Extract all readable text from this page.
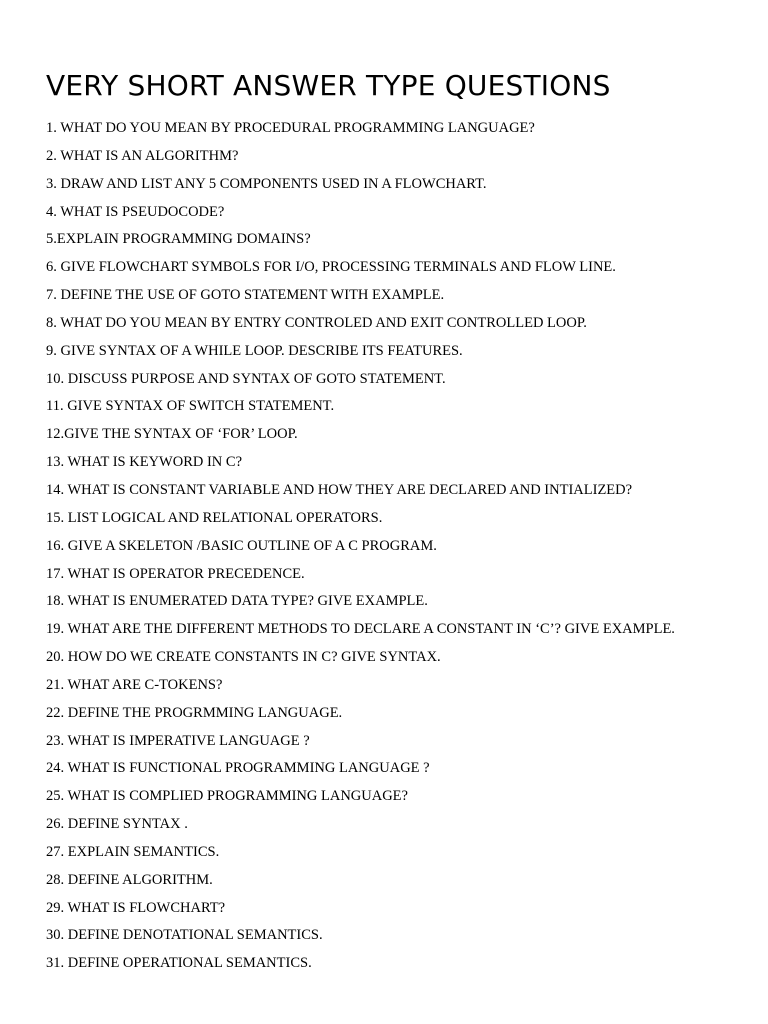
VERY SHORT ANSWER TYPE QUESTIONS
1. WHAT DO YOU MEAN BY PROCEDURAL PROGRAMMING LANGUAGE?
2. WHAT IS AN ALGORITHM?
3. DRAW AND LIST ANY 5 COMPONENTS USED IN A FLOWCHART.
4. WHAT IS PSEUDOCODE?
5.EXPLAIN PROGRAMMING DOMAINS?
6. GIVE FLOWCHART SYMBOLS FOR I/O, PROCESSING TERMINALS AND FLOW LINE.
7. DEFINE THE USE OF GOTO STATEMENT WITH EXAMPLE.
8. WHAT DO YOU MEAN BY ENTRY CONTROLED AND EXIT CONTROLLED LOOP.
9. GIVE SYNTAX OF A WHILE LOOP. DESCRIBE ITS FEATURES.
10. DISCUSS PURPOSE AND SYNTAX OF GOTO STATEMENT.
11. GIVE SYNTAX OF SWITCH STATEMENT.
12.GIVE THE SYNTAX OF ‘FOR’ LOOP.
13. WHAT IS KEYWORD IN C?
14. WHAT IS CONSTANT VARIABLE AND HOW THEY ARE DECLARED AND INTIALIZED?
15. LIST LOGICAL AND RELATIONAL OPERATORS.
16. GIVE A SKELETON /BASIC OUTLINE OF A C PROGRAM.
17. WHAT IS OPERATOR PRECEDENCE.
18. WHAT IS ENUMERATED DATA TYPE? GIVE EXAMPLE.
19. WHAT ARE THE DIFFERENT METHODS TO DECLARE A CONSTANT IN ‘C’? GIVE EXAMPLE.
20. HOW DO WE CREATE CONSTANTS IN C? GIVE SYNTAX.
21. WHAT ARE C-TOKENS?
22. DEFINE THE PROGRMMING LANGUAGE.
23. WHAT IS IMPERATIVE LANGUAGE ?
24. WHAT IS FUNCTIONAL PROGRAMMING LANGUAGE ?
25. WHAT IS COMPLIED PROGRAMMING LANGUAGE?
26. DEFINE SYNTAX .
27. EXPLAIN SEMANTICS.
28. DEFINE ALGORITHM.
29. WHAT IS FLOWCHART?
30. DEFINE DENOTATIONAL SEMANTICS.
31. DEFINE OPERATIONAL SEMANTICS.
